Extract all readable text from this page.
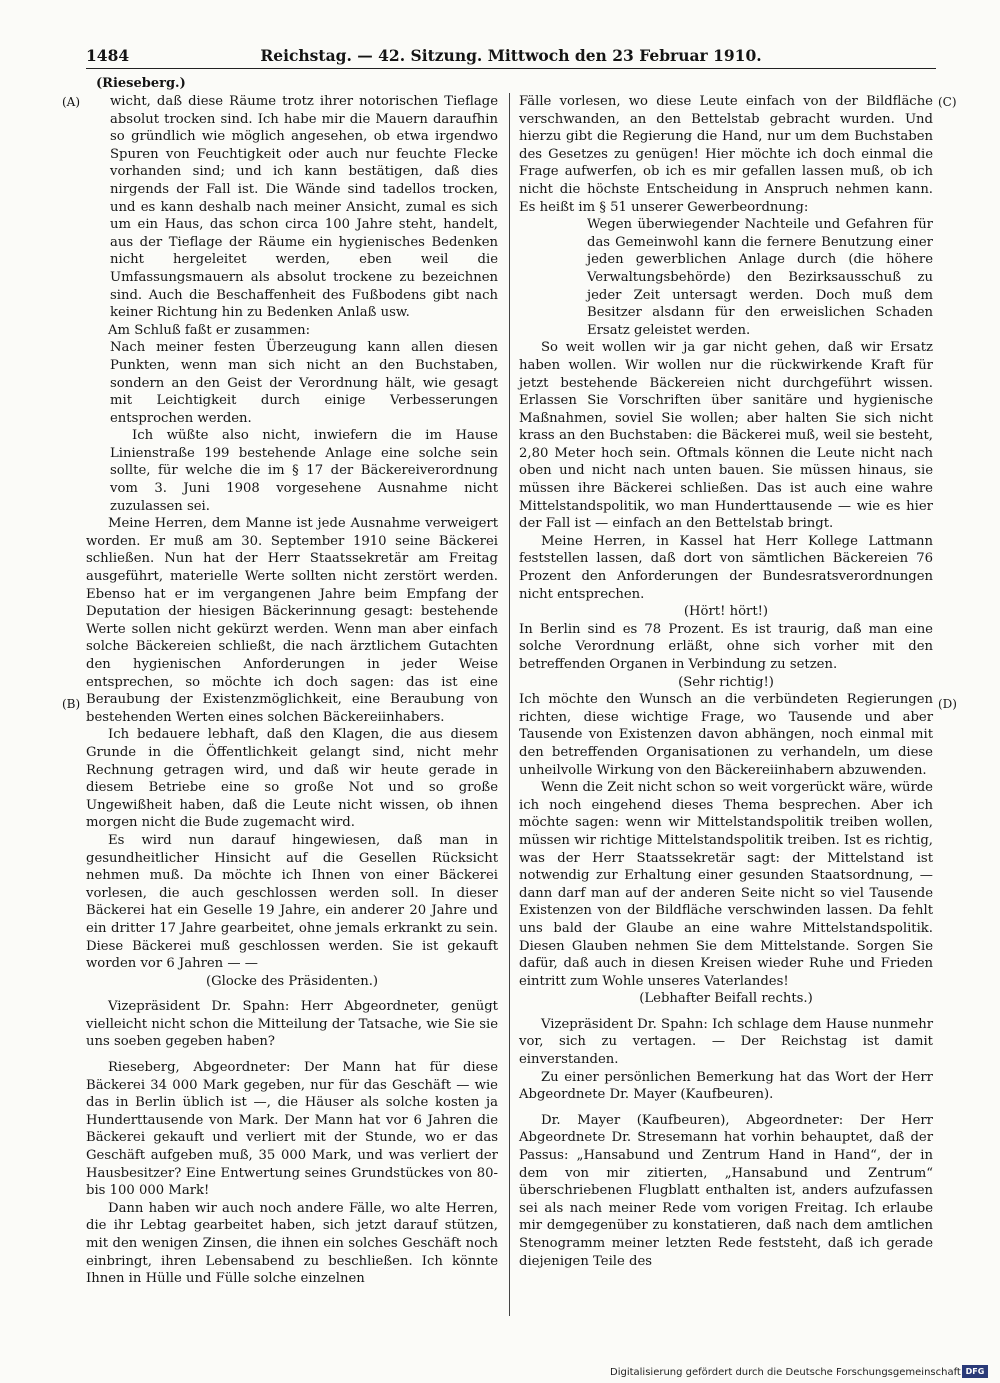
1484	Reichstag. — 42. Sitzung. Mittwoch den 23 Februar 1910.
(Rieseberg.)
(A)
(B)
(C)
(D)

wicht, daß diese Räume trotz ihrer notorischen Tieflage absolut trocken sind. Ich habe mir die Mauern daraufhin so gründlich wie möglich angesehen, ob etwa irgendwo Spuren von Feuchtigkeit oder auch nur feuchte Flecke vorhanden sind; und ich kann bestätigen, daß dies nirgends der Fall ist. Die Wände sind tadellos trocken, und es kann deshalb nach meiner Ansicht, zumal es sich um ein Haus, das schon circa 100 Jahre steht, handelt, aus der Tieflage der Räume ein hygienisches Bedenken nicht hergeleitet werden, eben weil die Umfassungsmauern als absolut trockene zu bezeichnen sind. Auch die Beschaffenheit des Fußbodens gibt nach keiner Richtung hin zu Bedenken Anlaß usw.

Am Schluß faßt er zusammen:

Nach meiner festen Überzeugung kann allen diesen Punkten, wenn man sich nicht an den Buchstaben, sondern an den Geist der Verordnung hält, wie gesagt mit Leichtigkeit durch einige Verbesserungen entsprochen werden.

Ich wüßte also nicht, inwiefern die im Hause Linienstraße 199 bestehende Anlage eine solche sein sollte, für welche die im § 17 der Bäckereiverordnung vom 3. Juni 1908 vorgesehene Ausnahme nicht zuzulassen sei.

Meine Herren, dem Manne ist jede Ausnahme verweigert worden. Er muß am 30. September 1910 seine Bäckerei schließen. Nun hat der Herr Staatssekretär am Freitag ausgeführt, materielle Werte sollten nicht zerstört werden. Ebenso hat er im vergangenen Jahre beim Empfang der Deputation der hiesigen Bäckerinnung gesagt: bestehende Werte sollen nicht gekürzt werden. Wenn man aber einfach solche Bäckereien schließt, die nach ärztlichem Gutachten den hygienischen Anforderungen in jeder Weise entsprechen, so möchte ich doch sagen: das ist eine Beraubung der Existenzmöglichkeit, eine Beraubung von bestehenden Werten eines solchen Bäckereiinhabers.

Ich bedauere lebhaft, daß den Klagen, die aus diesem Grunde in die Öffentlichkeit gelangt sind, nicht mehr Rechnung getragen wird, und daß wir heute gerade in diesem Betriebe eine so große Not und so große Ungewißheit haben, daß die Leute nicht wissen, ob ihnen morgen nicht die Bude zugemacht wird.

Es wird nun darauf hingewiesen, daß man in gesundheitlicher Hinsicht auf die Gesellen Rücksicht nehmen muß. Da möchte ich Ihnen von einer Bäckerei vorlesen, die auch geschlossen werden soll. In dieser Bäckerei hat ein Geselle 19 Jahre, ein anderer 20 Jahre und ein dritter 17 Jahre gearbeitet, ohne jemals erkrankt zu sein. Diese Bäckerei muß geschlossen werden. Sie ist gekauft worden vor 6 Jahren — —

(Glocke des Präsidenten.)

Vizepräsident Dr. Spahn: Herr Abgeordneter, genügt vielleicht nicht schon die Mitteilung der Tatsache, wie Sie sie uns soeben gegeben haben?

Rieseberg, Abgeordneter: Der Mann hat für diese Bäckerei 34 000 Mark gegeben, nur für das Geschäft — wie das in Berlin üblich ist —, die Häuser als solche kosten ja Hunderttausende von Mark. Der Mann hat vor 6 Jahren die Bäckerei gekauft und verliert mit der Stunde, wo er das Geschäft aufgeben muß, 35 000 Mark, und was verliert der Hausbesitzer? Eine Entwertung seines Grundstückes von 80- bis 100 000 Mark!

Dann haben wir auch noch andere Fälle, wo alte Herren, die ihr Lebtag gearbeitet haben, sich jetzt darauf stützen, mit den wenigen Zinsen, die ihnen ein solches Geschäft noch einbringt, ihren Lebensabend zu beschließen. Ich könnte Ihnen in Hülle und Fülle solche einzelnen

Fälle vorlesen, wo diese Leute einfach von der Bildfläche verschwanden, an den Bettelstab gebracht wurden. Und hierzu gibt die Regierung die Hand, nur um dem Buchstaben des Gesetzes zu genügen! Hier möchte ich doch einmal die Frage aufwerfen, ob ich es mir gefallen lassen muß, ob ich nicht die höchste Entscheidung in Anspruch nehmen kann. Es heißt im § 51 unserer Gewerbeordnung:

Wegen überwiegender Nachteile und Gefahren für das Gemeinwohl kann die fernere Benutzung einer jeden gewerblichen Anlage durch (die höhere Verwaltungsbehörde) den Bezirksausschuß zu jeder Zeit untersagt werden. Doch muß dem Besitzer alsdann für den erweislichen Schaden Ersatz geleistet werden.

So weit wollen wir ja gar nicht gehen, daß wir Ersatz haben wollen. Wir wollen nur die rückwirkende Kraft für jetzt bestehende Bäckereien nicht durchgeführt wissen. Erlassen Sie Vorschriften über sanitäre und hygienische Maßnahmen, soviel Sie wollen; aber halten Sie sich nicht krass an den Buchstaben: die Bäckerei muß, weil sie besteht, 2,80 Meter hoch sein. Oftmals können die Leute nicht nach oben und nicht nach unten bauen. Sie müssen hinaus, sie müssen ihre Bäckerei schließen. Das ist auch eine wahre Mittelstandspolitik, wo man Hunderttausende — wie es hier der Fall ist — einfach an den Bettelstab bringt.

Meine Herren, in Kassel hat Herr Kollege Lattmann feststellen lassen, daß dort von sämtlichen Bäckereien 76 Prozent den Anforderungen der Bundesratsverordnungen nicht entsprechen.

(Hört! hört!)

In Berlin sind es 78 Prozent. Es ist traurig, daß man eine solche Verordnung erläßt, ohne sich vorher mit den betreffenden Organen in Verbindung zu setzen.

(Sehr richtig!)

Ich möchte den Wunsch an die verbündeten Regierungen richten, diese wichtige Frage, wo Tausende und aber Tausende von Existenzen davon abhängen, noch einmal mit den betreffenden Organisationen zu verhandeln, um diese unheilvolle Wirkung von den Bäckereiinhabern abzuwenden.

Wenn die Zeit nicht schon so weit vorgerückt wäre, würde ich noch eingehend dieses Thema besprechen. Aber ich möchte sagen: wenn wir Mittelstandspolitik treiben wollen, müssen wir richtige Mittelstandspolitik treiben. Ist es richtig, was der Herr Staatssekretär sagt: der Mittelstand ist notwendig zur Erhaltung einer gesunden Staatsordnung, — dann darf man auf der anderen Seite nicht so viel Tausende Existenzen von der Bildfläche verschwinden lassen. Da fehlt uns bald der Glaube an eine wahre Mittelstandspolitik. Diesen Glauben nehmen Sie dem Mittelstande. Sorgen Sie dafür, daß auch in diesen Kreisen wieder Ruhe und Frieden eintritt zum Wohle unseres Vaterlandes!

(Lebhafter Beifall rechts.)

Vizepräsident Dr. Spahn: Ich schlage dem Hause nunmehr vor, sich zu vertagen. — Der Reichstag ist damit einverstanden.

Zu einer persönlichen Bemerkung hat das Wort der Herr Abgeordnete Dr. Mayer (Kaufbeuren).

Dr. Mayer (Kaufbeuren), Abgeordneter: Der Herr Abgeordnete Dr. Stresemann hat vorhin behauptet, daß der Passus: „Hansabund und Zentrum Hand in Hand“, der in dem von mir zitierten, „Hansabund und Zentrum“ überschriebenen Flugblatt enthalten ist, anders aufzufassen sei als nach meiner Rede vom vorigen Freitag. Ich erlaube mir demgegenüber zu konstatieren, daß nach dem amtlichen Stenogramm meiner letzten Rede feststeht, daß ich gerade diejenigen Teile des

Digitalisierung gefördert durch die Deutsche Forschungsgemeinschaft DFG
